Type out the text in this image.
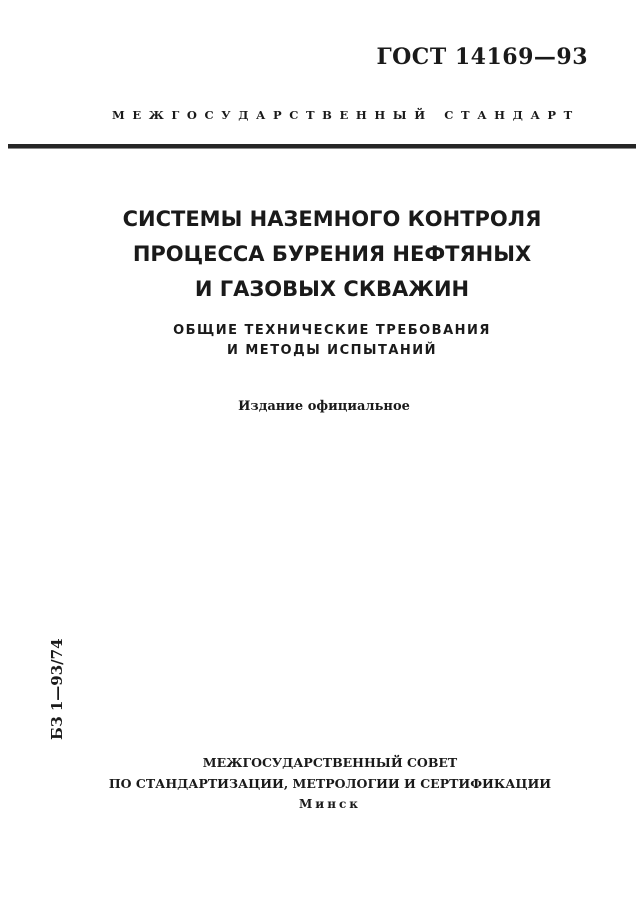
ГОСТ 14169—93
МЕЖГОСУДАРСТВЕННЫЙ СТАНДАРТ
СИСТЕМЫ НАЗЕМНОГО КОНТРОЛЯ
ПРОЦЕССА БУРЕНИЯ НЕФТЯНЫХ
И ГАЗОВЫХ СКВАЖИН
ОБЩИЕ ТЕХНИЧЕСКИЕ ТРЕБОВАНИЯ
И МЕТОДЫ ИСПЫТАНИЙ
Издание официальное
БЗ 1—93/74
МЕЖГОСУДАРСТВЕННЫЙ СОВЕТ
ПО СТАНДАРТИЗАЦИИ, МЕТРОЛОГИИ И СЕРТИФИКАЦИИ
Минск
